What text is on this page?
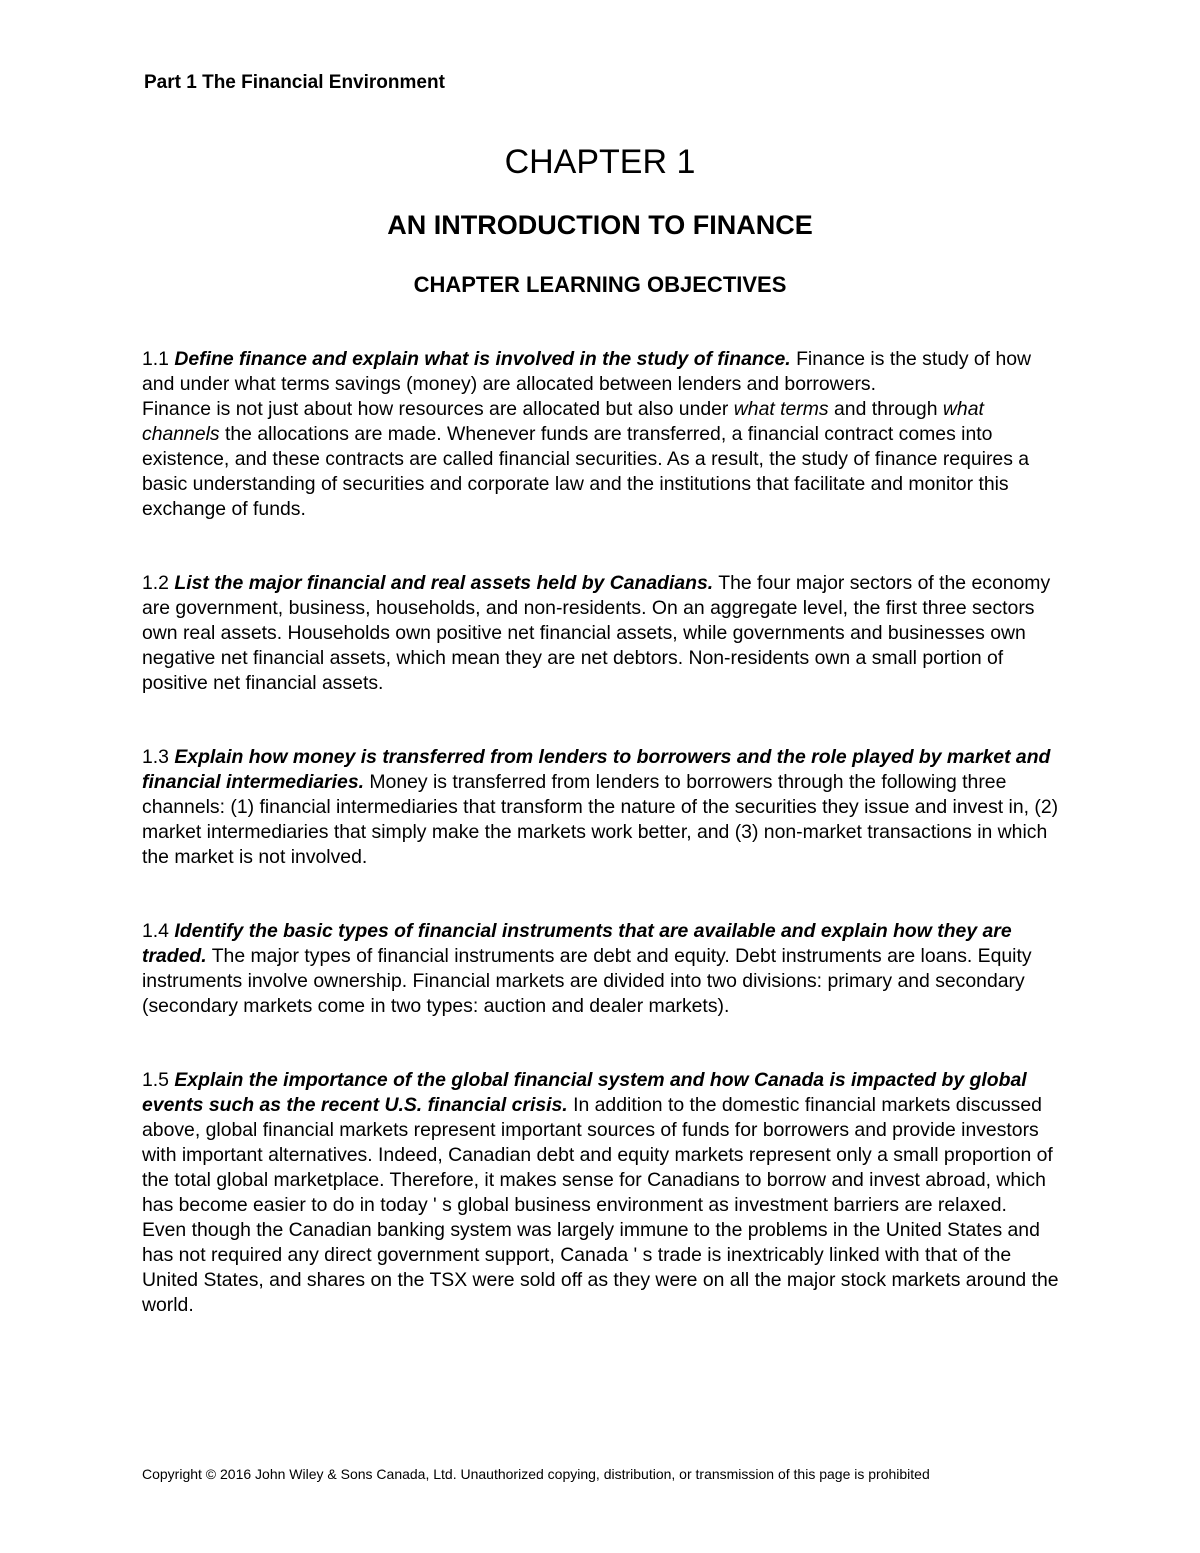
Part 1 The Financial Environment
CHAPTER 1
AN INTRODUCTION TO FINANCE
CHAPTER LEARNING OBJECTIVES

1.1 Define finance and explain what is involved in the study of finance. Finance is the study of how and under what terms savings (money) are allocated between lenders and borrowers.

Finance is not just about how resources are allocated but also under what terms and through what channels the allocations are made. Whenever funds are transferred, a financial contract comes into existence, and these contracts are called financial securities. As a result, the study of finance requires a basic understanding of securities and corporate law and the institutions that facilitate and monitor this exchange of funds.

1.2 List the major financial and real assets held by Canadians. The four major sectors of the economy are government, business, households, and non-residents. On an aggregate level, the first three sectors own real assets. Households own positive net financial assets, while governments and businesses own negative net financial assets, which mean they are net debtors. Non-residents own a small portion of positive net financial assets.

1.3 Explain how money is transferred from lenders to borrowers and the role played by market and financial intermediaries. Money is transferred from lenders to borrowers through the following three channels: (1) financial intermediaries that transform the nature of the securities they issue and invest in, (2) market intermediaries that simply make the markets work better, and (3) non-market transactions in which the market is not involved.

1.4 Identify the basic types of financial instruments that are available and explain how they are traded. The major types of financial instruments are debt and equity. Debt instruments are loans. Equity instruments involve ownership. Financial markets are divided into two divisions: primary and secondary (secondary markets come in two types: auction and dealer markets).

1.5 Explain the importance of the global financial system and how Canada is impacted by global events such as the recent U.S. financial crisis. In addition to the domestic financial markets discussed above, global financial markets represent important sources of funds for borrowers and provide investors with important alternatives. Indeed, Canadian debt and equity markets represent only a small proportion of the total global marketplace. Therefore, it makes sense for Canadians to borrow and invest abroad, which has become easier to do in today ' s global business environment as investment barriers are relaxed.

Even though the Canadian banking system was largely immune to the problems in the United States and has not required any direct government support, Canada ' s trade is inextricably linked with that of the United States, and shares on the TSX were sold off as they were on all the major stock markets around the world.

Copyright © 2016 John Wiley & Sons Canada, Ltd. Unauthorized copying, distribution, or transmission of this page is prohibited
